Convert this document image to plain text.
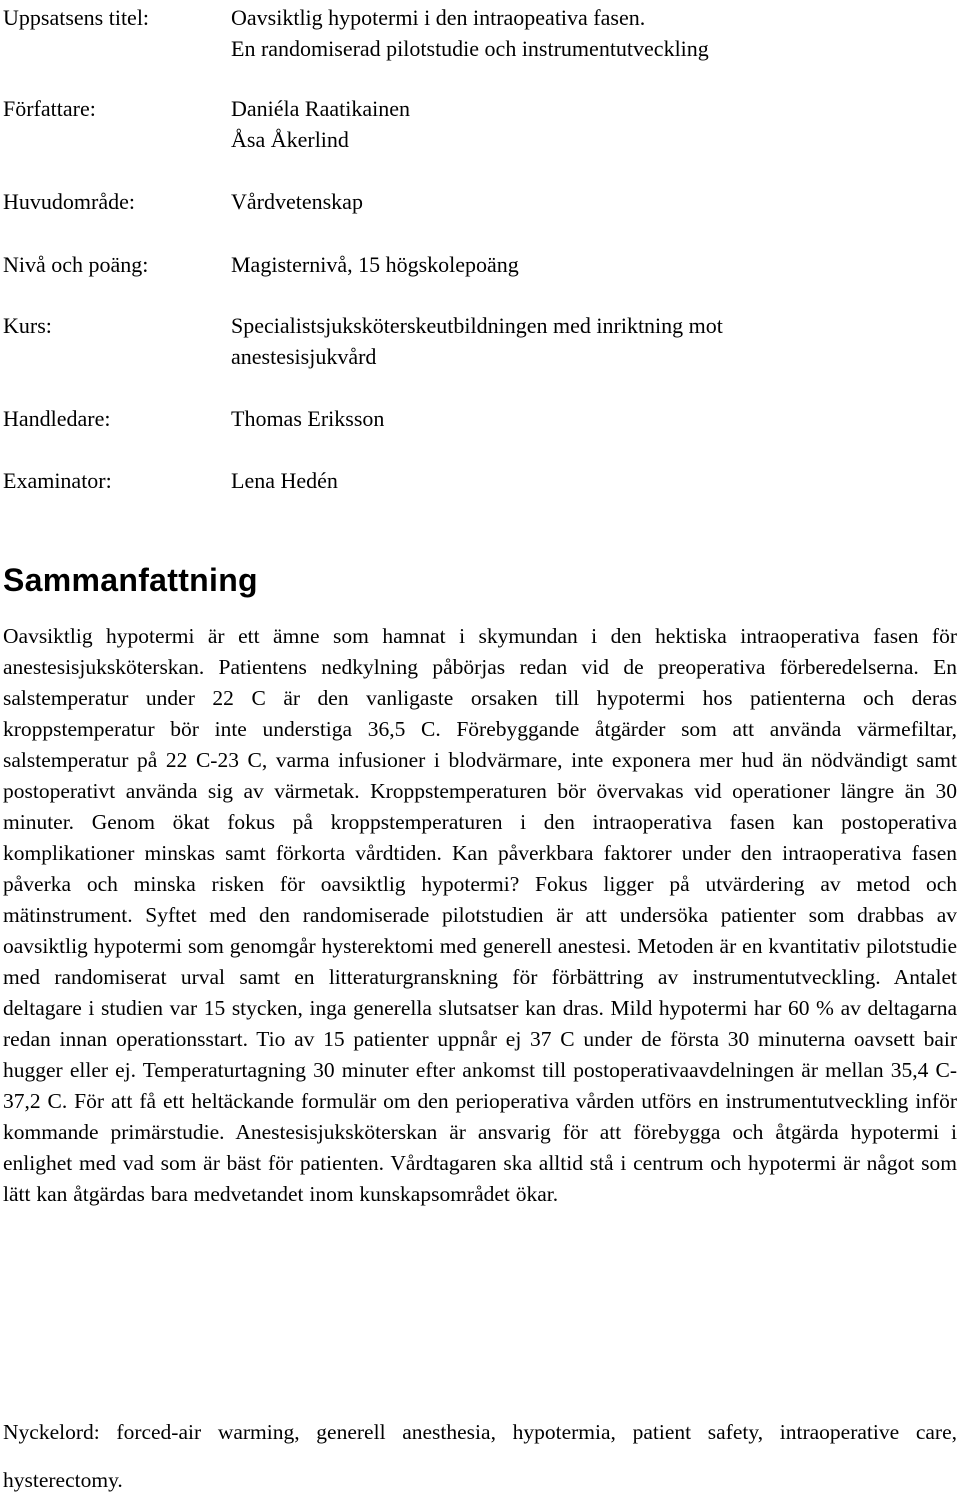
Uppsatsens titel:	Oavsiktlig hypotermi i den intraopeativa fasen.
En randomiserad pilotstudie och instrumentutveckling
Författare:	Daniéla Raatikainen
Åsa Åkerlind
Huvudområde:	Vårdvetenskap
Nivå och poäng:	Magisternivå, 15 högskolepoäng
Kurs:	Specialistsjuksköterskeutbildningen med inriktning mot
anestesisjukvård
Handledare:	Thomas Eriksson
Examinator:	Lena Hedén
Sammanfattning

Oavsiktlig hypotermi är ett ämne som hamnat i skymundan i den hektiska intraoperativa fasen för anestesisjuksköterskan. Patientens nedkylning påbörjas redan vid de preoperativa förberedelserna. En salstemperatur under 22 C är den vanligaste orsaken till hypotermi hos patienterna och deras kroppstemperatur bör inte understiga 36,5 C. Förebyggande åtgärder som att använda värmefiltar, salstemperatur på 22 C-23 C, varma infusioner i blodvärmare, inte exponera mer hud än nödvändigt samt postoperativt använda sig av värmetak. Kroppstemperaturen bör övervakas vid operationer längre än 30 minuter. Genom ökat fokus på kroppstemperaturen i den intraoperativa fasen kan postoperativa komplikationer minskas samt förkorta vårdtiden. Kan påverkbara faktorer under den intraoperativa fasen påverka och minska risken för oavsiktlig hypotermi? Fokus ligger på utvärdering av metod och mätinstrument. Syftet med den randomiserade pilotstudien är att undersöka patienter som drabbas av oavsiktlig hypotermi som genomgår hysterektomi med generell anestesi. Metoden är en kvantitativ pilotstudie med randomiserat urval samt en litteraturgranskning för förbättring av instrumentutveckling. Antalet deltagare i studien var 15 stycken, inga generella slutsatser kan dras. Mild hypotermi har 60 % av deltagarna redan innan operationsstart. Tio av 15 patienter uppnår ej 37 C under de första 30 minuterna oavsett bair hugger eller ej. Temperaturtagning 30 minuter efter ankomst till postoperativaavdelningen är mellan 35,4 C-37,2 C. För att få ett heltäckande formulär om den perioperativa vården utförs en instrumentutveckling inför kommande primärstudie. Anestesisjuksköterskan är ansvarig för att förebygga och åtgärda hypotermi i enlighet med vad som är bäst för patienten. Vårdtagaren ska alltid stå i centrum och hypotermi är något som lätt kan åtgärdas bara medvetandet inom kunskapsområdet ökar.

Nyckelord: forced-air warming, generell anesthesia, hypotermia, patient safety, intraoperative care, hysterectomy.
